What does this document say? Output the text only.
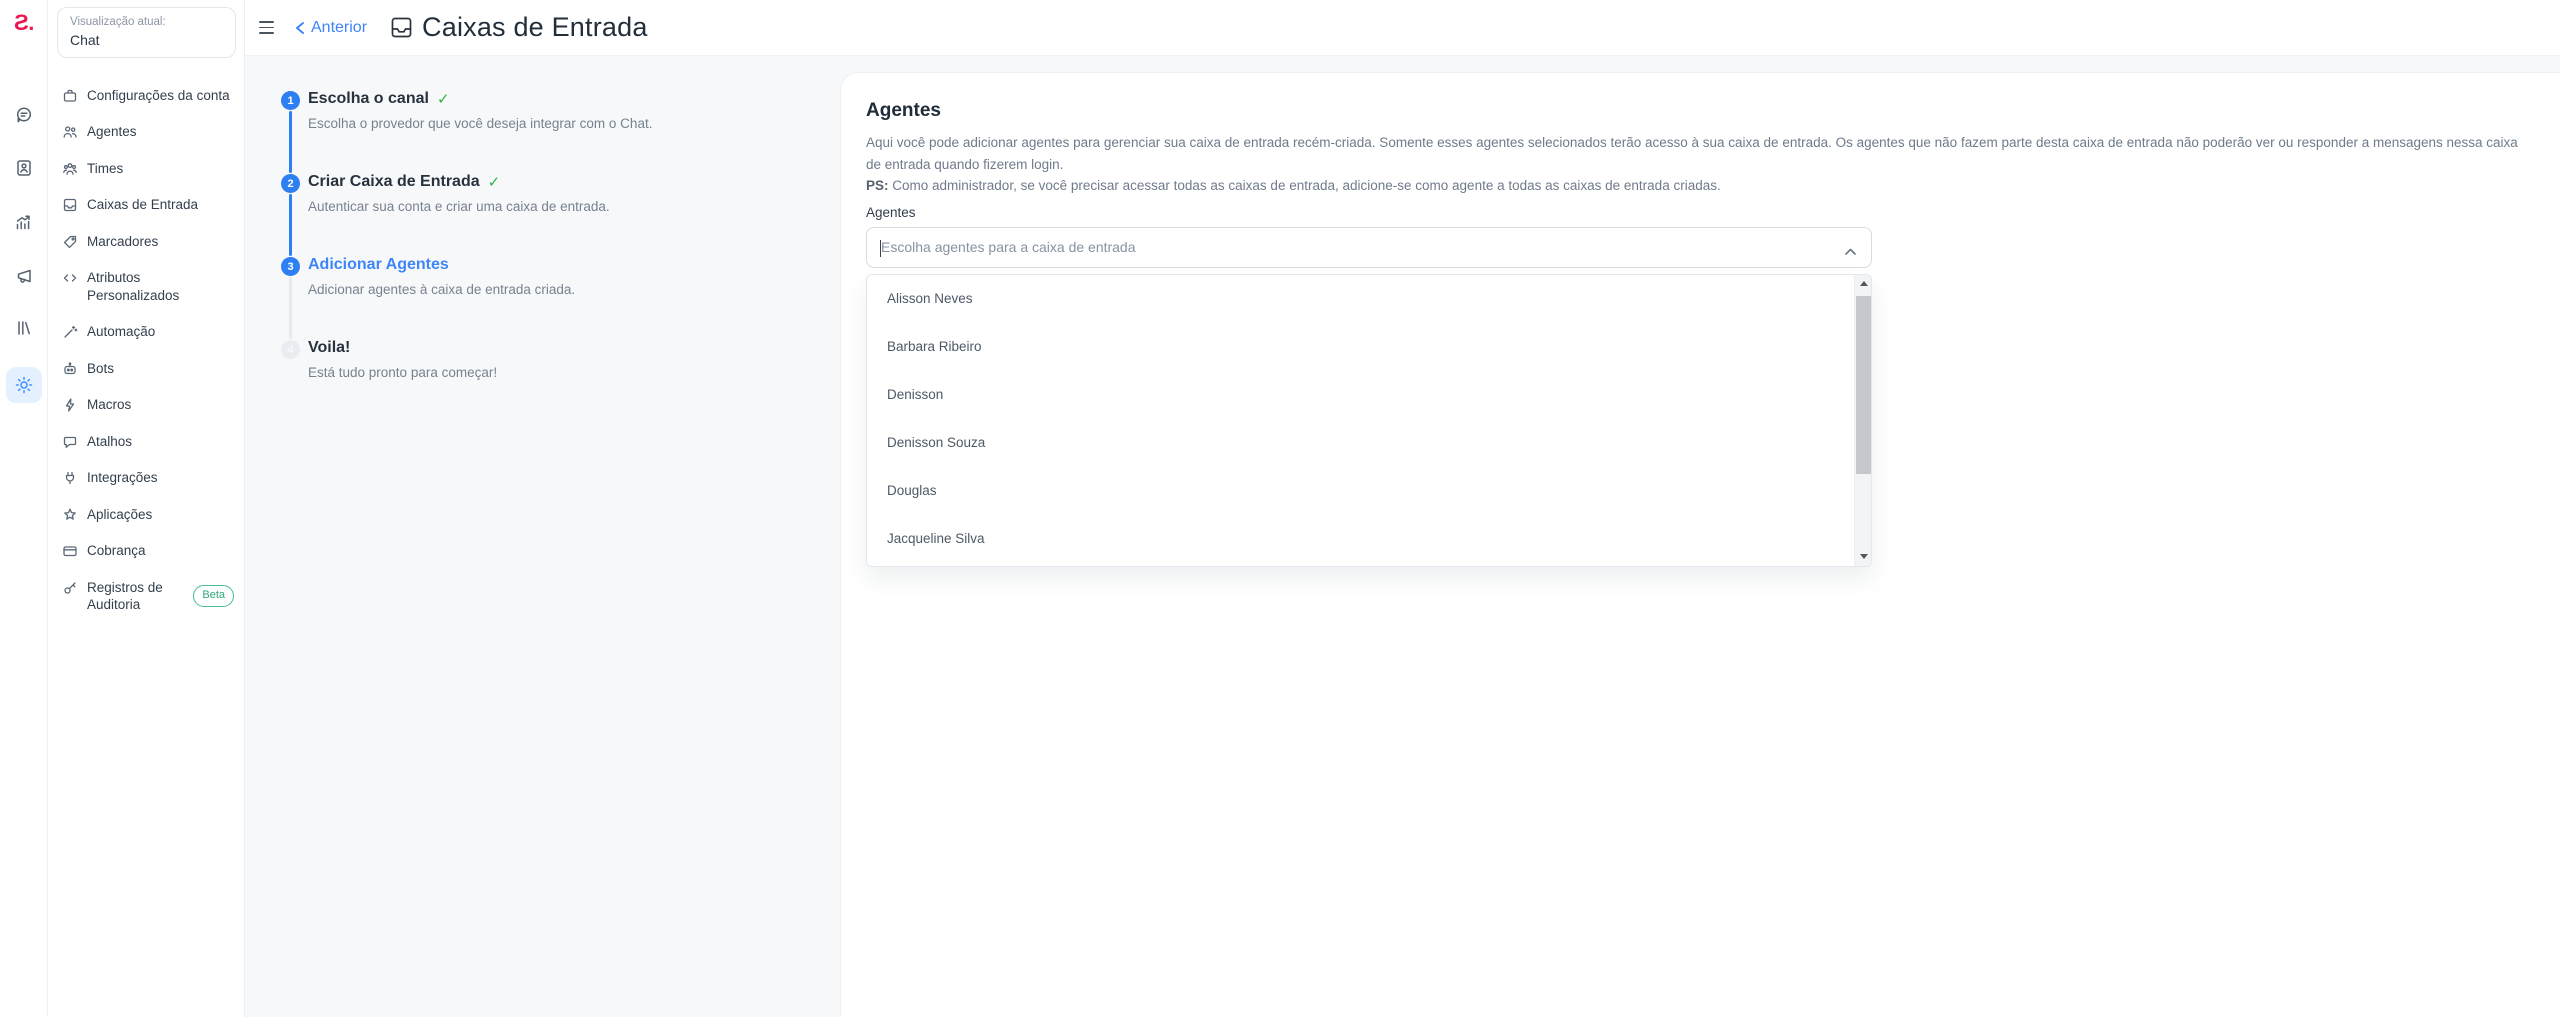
S.	Visualização atual:
Chat
Configurações da conta
Agentes
Times
Caixas de Entrada
Marcadores
Atributos Personalizados
Automação
Bots
Macros
Atalhos
Integrações
Aplicações
Cobrança
Registros de Auditoria
Beta
Anterior Caixas de Entrada
1 Escolha o canal
✓
Escolha o provedor que você deseja integrar com o Chat.
2 Criar Caixa de Entrada
✓
Autenticar sua conta e criar uma caixa de entrada.
3 Adicionar Agentes
Adicionar agentes à caixa de entrada criada.
4 Voila!
Está tudo pronto para começar!
Agentes

Aqui você pode adicionar agentes para gerenciar sua caixa de entrada recém-criada. Somente esses agentes selecionados terão acesso à sua caixa de entrada. Os agentes que não fazem parte desta caixa de entrada não poderão ver ou responder a mensagens nessa caixa de entrada quando fizerem login.

PS: Como administrador, se você precisar acessar todas as caixas de entrada, adicione-se como agente a todas as caixas de entrada criadas.

Agentes
Escolha agentes para a caixa de entrada
Alisson Neves
Barbara Ribeiro
Denisson
Denisson Souza
Douglas
Jacqueline Silva
